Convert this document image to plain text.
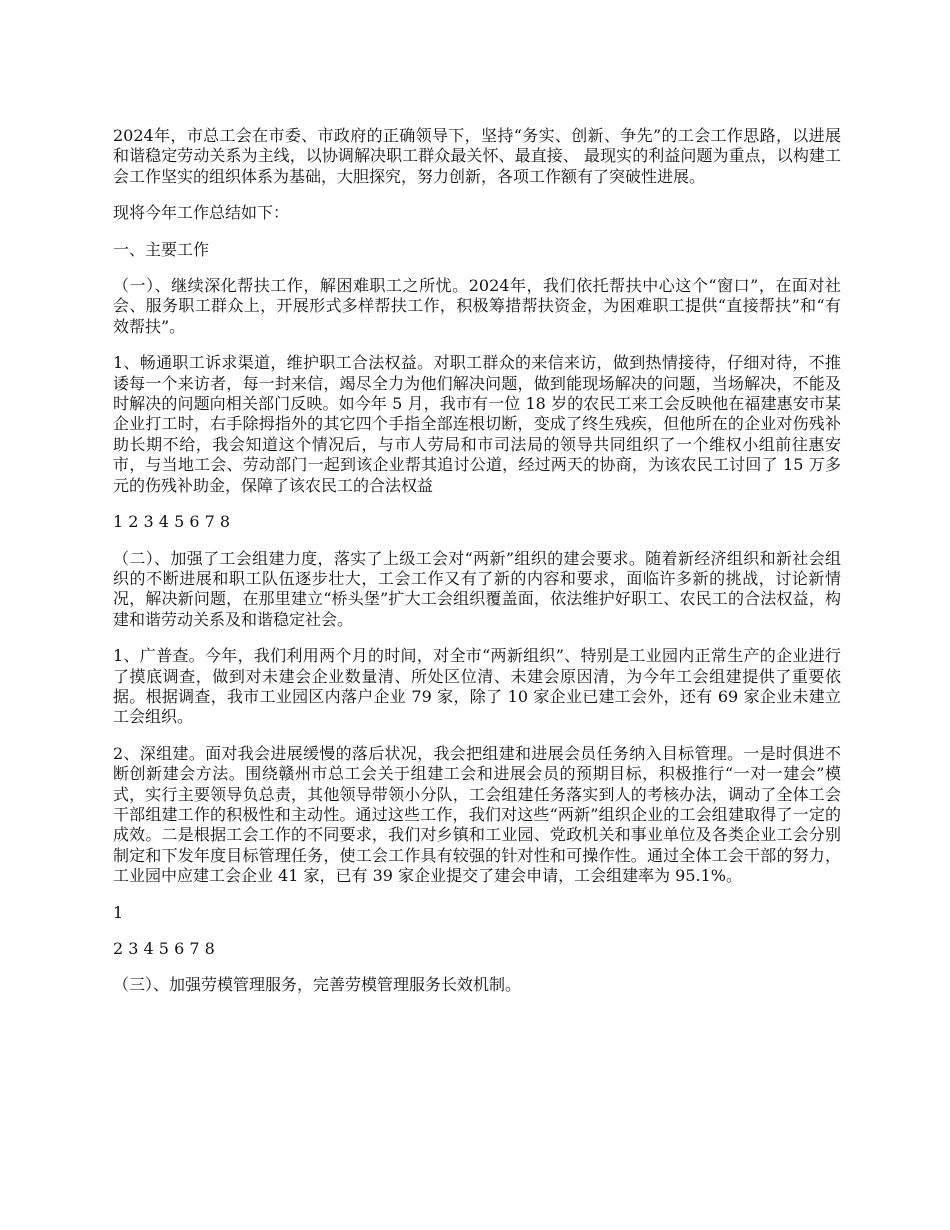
2024年，市总工会在市委、市政府的正确领导下，坚持“务实、创新、争先”的工会工作思路，以进展和谐稳定劳动关系为主线，以协调解决职工群众最关怀、最直接、 最现实的利益问题为重点，以构建工会工作坚实的组织体系为基础，大胆探究，努力创新，各项工作额有了突破性进展。

现将今年工作总结如下：

一、主要工作

（一）、继续深化帮扶工作，解困难职工之所忧。2024年，我们依托帮扶中心这个“窗口”，在面对社会、服务职工群众上，开展形式多样帮扶工作，积极筹措帮扶资金，为困难职工提供“直接帮扶”和“有效帮扶”。

1、畅通职工诉求渠道，维护职工合法权益。对职工群众的来信来访，做到热情接待，仔细对待，不推诿每一个来访者，每一封来信，竭尽全力为他们解决问题，做到能现场解决的问题，当场解决，不能及时解决的问题向相关部门反映。如今年 5 月，我市有一位 18 岁的农民工来工会反映他在福建惠安市某企业打工时，右手除拇指外的其它四个手指全部连根切断，变成了终生残疾，但他所在的企业对伤残补助长期不给，我会知道这个情况后，与市人劳局和市司法局的领导共同组织了一个维权小组前往惠安市，与当地工会、劳动部门一起到该企业帮其追讨公道，经过两天的协商，为该农民工讨回了 15 万多元的伤残补助金，保障了该农民工的合法权益

1 2 3 4 5 6 7 8

（二）、加强了工会组建力度，落实了上级工会对“两新”组织的建会要求。随着新经济组织和新社会组织的不断进展和职工队伍逐步壮大，工会工作又有了新的内容和要求，面临许多新的挑战，讨论新情况，解决新问题，在那里建立“桥头堡”扩大工会组织覆盖面，依法维护好职工、农民工的合法权益，构建和谐劳动关系及和谐稳定社会。

1、广普查。今年，我们利用两个月的时间，对全市“两新组织”、特别是工业园内正常生产的企业进行了摸底调查，做到对未建会企业数量清、所处区位清、未建会原因清，为今年工会组建提供了重要依据。根据调查，我市工业园区内落户企业 79 家，除了 10 家企业已建工会外，还有 69 家企业未建立工会组织。

2、深组建。面对我会进展缓慢的落后状况，我会把组建和进展会员任务纳入目标管理。一是时俱进不断创新建会方法。围绕赣州市总工会关于组建工会和进展会员的预期目标，积极推行“一对一建会”模式，实行主要领导负总责，其他领导带领小分队，工会组建任务落实到人的考核办法，调动了全体工会干部组建工作的积极性和主动性。通过这些工作，我们对这些“两新”组织企业的工会组建取得了一定的成效。二是根据工会工作的不同要求，我们对乡镇和工业园、党政机关和事业单位及各类企业工会分别制定和下发年度目标管理任务，使工会工作具有较强的针对性和可操作性。通过全体工会干部的努力，工业园中应建工会企业 41 家，已有 39 家企业提交了建会申请，工会组建率为 95.1%。

1

2 3 4 5 6 7 8

（三）、加强劳模管理服务，完善劳模管理服务长效机制。
